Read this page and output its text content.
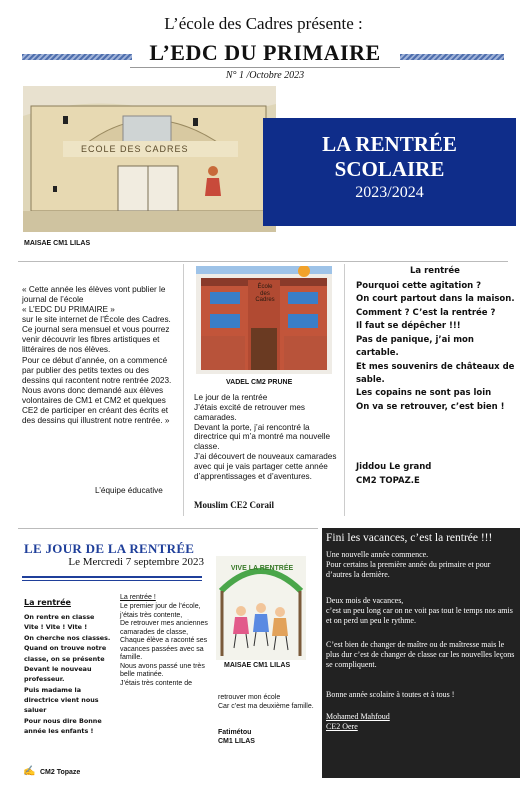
L’école des Cadres présente :
L’EDC DU PRIMAIRE
N° 1 /Octobre 2023
ECOLE DES CADRES
MAISAE CM1 LILAS
LA RENTRÉE
SCOLAIRE
2023/2024
« Cette année les élèves vont publier le journal de l’école
« L’EDC DU PRIMAIRE »
sur le site internet de l’École des Cadres.
Ce journal sera mensuel et vous pourrez venir découvrir les fibres artistiques et littéraires de nos élèves.
Pour ce début d’année, on a commencé par publier des petits textes ou des dessins qui racontent notre rentrée 2023.
Nous avons donc demandé aux élèves volontaires de CM1 et CM2 et quelques CE2 de participer en créant des écrits et des dessins qui illustrent notre rentrée. »
L’équipe éducative
École des Cadres
VADEL CM2 PRUNE
Le jour de la rentrée
J’étais excité de retrouver mes camarades.
Devant la porte, j’ai rencontré la directrice qui m’a montré ma nouvelle classe.
J’ai découvert de nouveaux camarades avec qui je vais partager cette année d’apprentissages et d’aventures.
Mouslim CE2 Corail
La rentrée
Pourquoi cette agitation ?
On court partout dans la maison.
Comment ? C’est la rentrée ?
Il faut se dépêcher !!!
Pas de panique, j’ai mon cartable.
Et mes souvenirs de châteaux de sable.
Les copains ne sont pas loin
On va se retrouver, c’est bien !
Jiddou Le grand
CM2 TOPAZ.E
LE JOUR DE LA RENTRÉE
Le Mercredi 7 septembre 2023
La rentrée
On rentre en classe
Vite ! Vite ! Vite !
On cherche nos classes.
Quand on trouve notre classe, on se présente
Devant le nouveau professeur.
Puis madame la directrice vient nous saluer
Pour nous dire Bonne année les enfants !
✍ CM2 Topaze
La rentrée !
Le premier jour de l’école, j’étais très contente,
De retrouver mes anciennes camarades de classe,
Chaque élève a raconté ses vacances passées avec sa famille.
Nous avons passé une très belle matinée.
J’étais très contente de
VIVE LA RENTRÉE
MAISAE CM1 LILAS
retrouver mon école
Car c’est ma deuxième famille.
Fatimétou
CM1 LILAS
Fini les vacances, c’est la rentrée !!!
Une nouvelle année commence.
Pour certains la première année du primaire et pour d’autres la dernière.
Deux mois de vacances,
c’est un peu long car on ne voit pas tout le temps nos amis et on perd un peu le rythme.
C’est bien de changer de maître ou de maîtresse mais le plus dur c’est de changer de classe car les nouvelles leçons se compliquent.
Bonne année scolaire à toutes et à tous !
Mohamed Mahfoud
CE2 Oere
